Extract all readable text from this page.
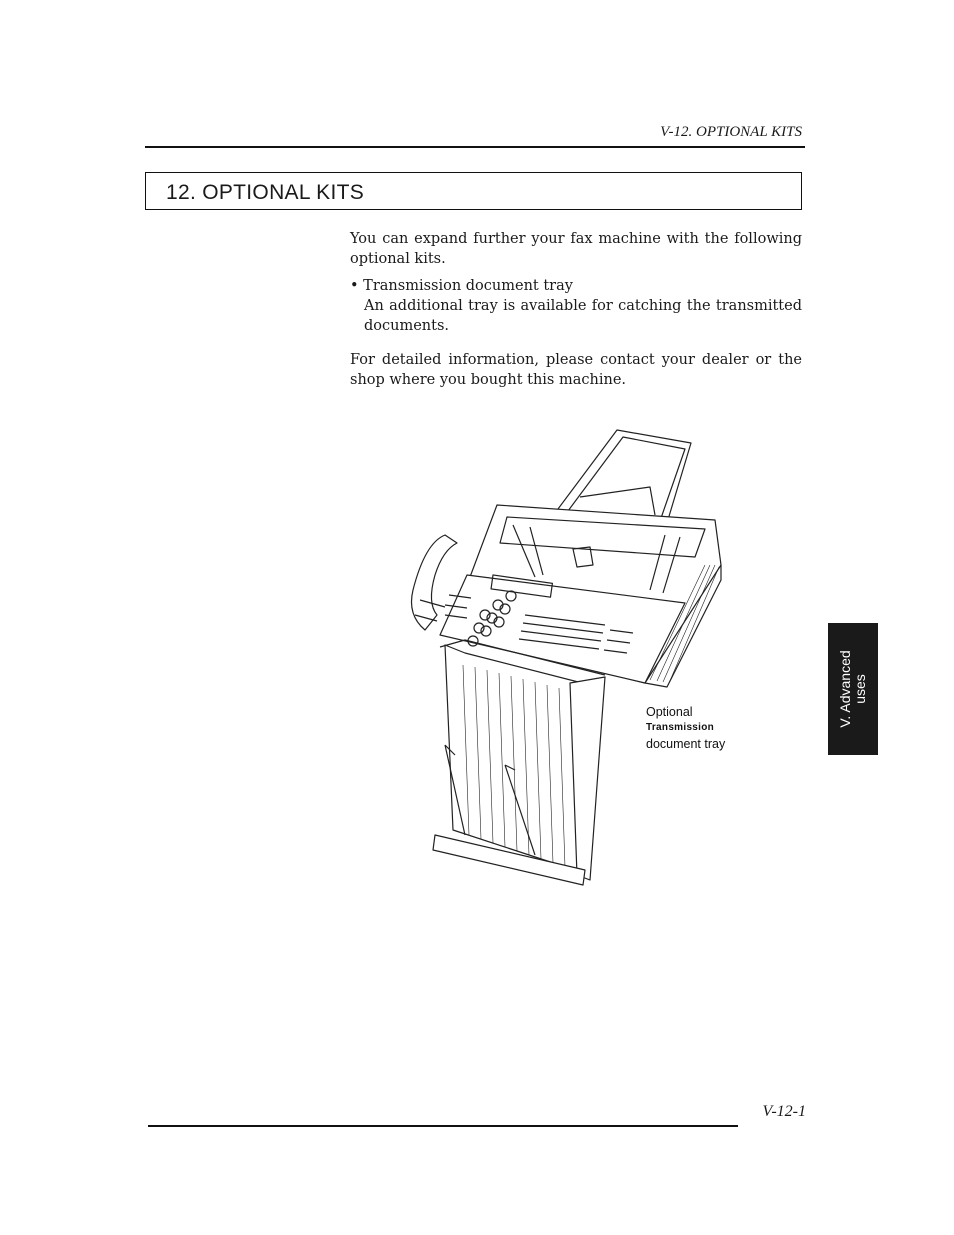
V-12. OPTIONAL KITS
12. OPTIONAL KITS

You can expand further your fax machine with the following optional kits.

• Transmission document tray
An additional tray is available for catching the transmitted documents.

For detailed information, please contact your dealer or the shop where you bought this machine.

Optional
Transmission
document tray
V. Advanced uses
V-12-1
